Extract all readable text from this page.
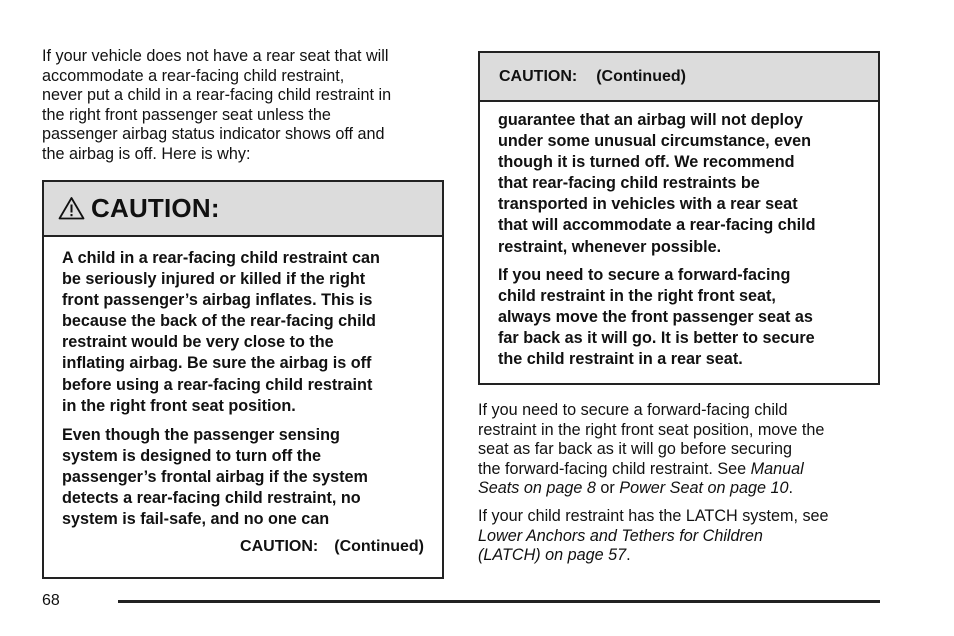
If your vehicle does not have a rear seat that will
accommodate a rear-facing child restraint,
never put a child in a rear-facing child restraint in
the right front passenger seat unless the
passenger airbag status indicator shows off and
the airbag is off. Here is why:
CAUTION:

A child in a rear-facing child restraint can
be seriously injured or killed if the right
front passenger’s airbag inflates. This is
because the back of the rear-facing child
restraint would be very close to the
inflating airbag. Be sure the airbag is off
before using a rear-facing child restraint
in the right front seat position.

Even though the passenger sensing
system is designed to turn off the
passenger’s frontal airbag if the system
detects a rear-facing child restraint, no
system is fail-safe, and no one can

CAUTION: (Continued)
CAUTION: (Continued)

guarantee that an airbag will not deploy
under some unusual circumstance, even
though it is turned off. We recommend
that rear-facing child restraints be
transported in vehicles with a rear seat
that will accommodate a rear-facing child
restraint, whenever possible.

If you need to secure a forward-facing
child restraint in the right front seat,
always move the front passenger seat as
far back as it will go. It is better to secure
the child restraint in a rear seat.

If you need to secure a forward-facing child
restraint in the right front seat position, move the
seat as far back as it will go before securing
the forward-facing child restraint. See Manual
Seats on page 8 or Power Seat on page 10.
If your child restraint has the LATCH system, see
Lower Anchors and Tethers for Children
(LATCH) on page 57.
68
